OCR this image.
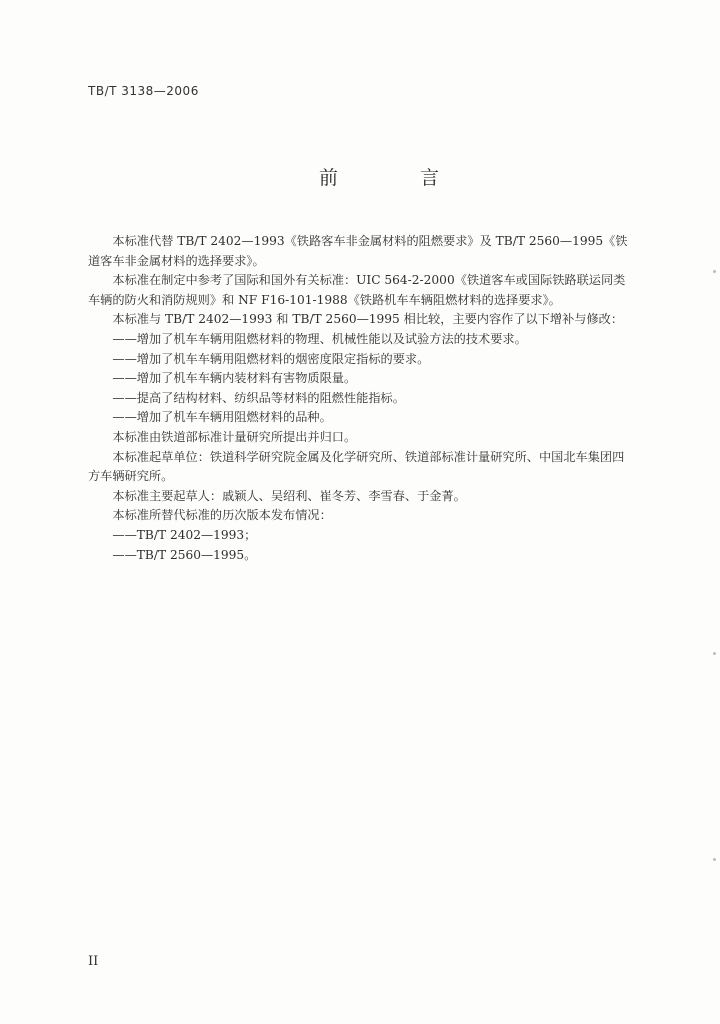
TB/T 3138—2006
前 言

本标准代替 TB/T 2402—1993《铁路客车非金属材料的阻燃要求》及 TB/T 2560—1995《铁道客车非金属材料的选择要求》。

本标准在制定中参考了国际和国外有关标准：UIC 564-2-2000《铁道客车或国际铁路联运同类车辆的防火和消防规则》和 NF F16-101-1988《铁路机车车辆阻燃材料的选择要求》。

本标准与 TB/T 2402—1993 和 TB/T 2560—1995 相比较，主要内容作了以下增补与修改：

——增加了机车车辆用阻燃材料的物理、机械性能以及试验方法的技术要求。

——增加了机车车辆用阻燃材料的烟密度限定指标的要求。

——增加了机车车辆内装材料有害物质限量。

——提高了结构材料、纺织品等材料的阻燃性能指标。

——增加了机车车辆用阻燃材料的品种。

本标准由铁道部标准计量研究所提出并归口。

本标准起草单位：铁道科学研究院金属及化学研究所、铁道部标准计量研究所、中国北车集团四方车辆研究所。

本标准主要起草人：戚颖人、吴绍利、崔冬芳、李雪春、于金菁。

本标准所替代标准的历次版本发布情况：

——TB/T 2402—1993；

——TB/T 2560—1995。

II
